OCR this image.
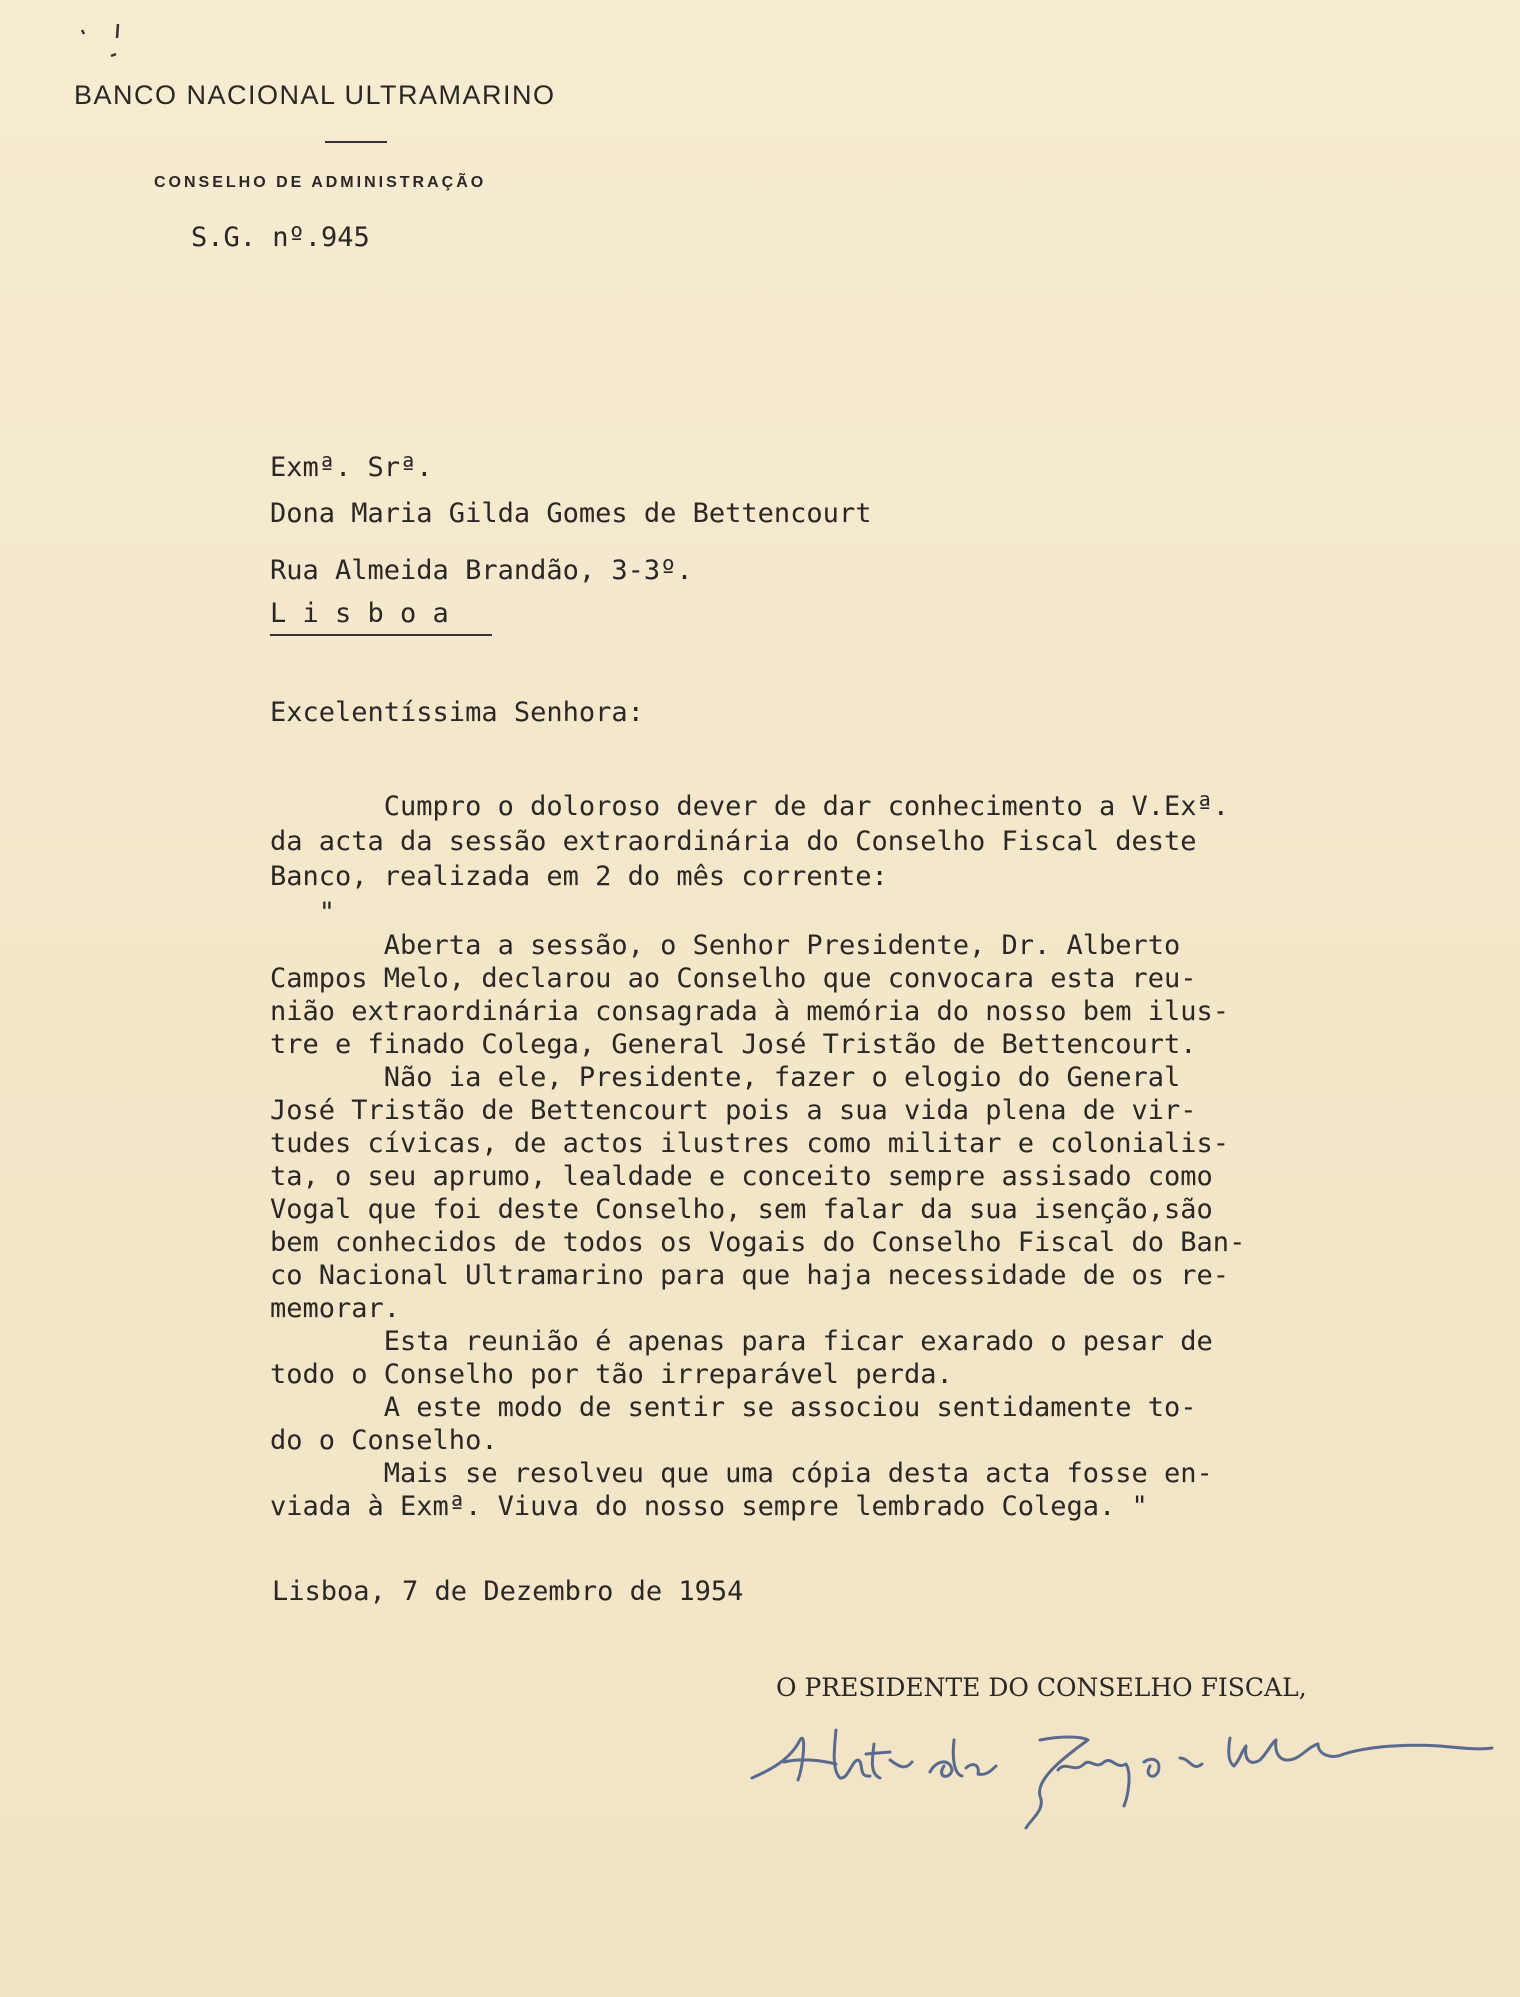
BANCO NACIONAL ULTRAMARINO
CONSELHO DE ADMINISTRAÇÃO
S.G. nº.945
Exmª. Srª.
Dona Maria Gilda Gomes de Bettencourt
Rua Almeida Brandão, 3-3º.
L i s b o a
Excelentíssima Senhora:
Cumpro o doloroso dever de dar conhecimento a V.Exª.
da acta da sessão extraordinária do Conselho Fiscal deste
Banco, realizada em 2 do mês corrente:
"
Aberta a sessão, o Senhor Presidente, Dr. Alberto
Campos Melo, declarou ao Conselho que convocara esta reu-
nião extraordinária consagrada à memória do nosso bem ilus-
tre e finado Colega, General José Tristão de Bettencourt.
Não ia ele, Presidente, fazer o elogio do General
José Tristão de Bettencourt pois a sua vida plena de vir-
tudes cívicas, de actos ilustres como militar e colonialis-
ta, o seu aprumo, lealdade e conceito sempre assisado como
Vogal que foi deste Conselho, sem falar da sua isenção,são
bem conhecidos de todos os Vogais do Conselho Fiscal do Ban-
co Nacional Ultramarino para que haja necessidade de os re-
memorar.
Esta reunião é apenas para ficar exarado o pesar de
todo o Conselho por tão irreparável perda.
A este modo de sentir se associou sentidamente to-
do o Conselho.
Mais se resolveu que uma cópia desta acta fosse en-
viada à Exmª. Viuva do nosso sempre lembrado Colega. "
Lisboa, 7 de Dezembro de 1954
O PRESIDENTE DO CONSELHO FISCAL,
